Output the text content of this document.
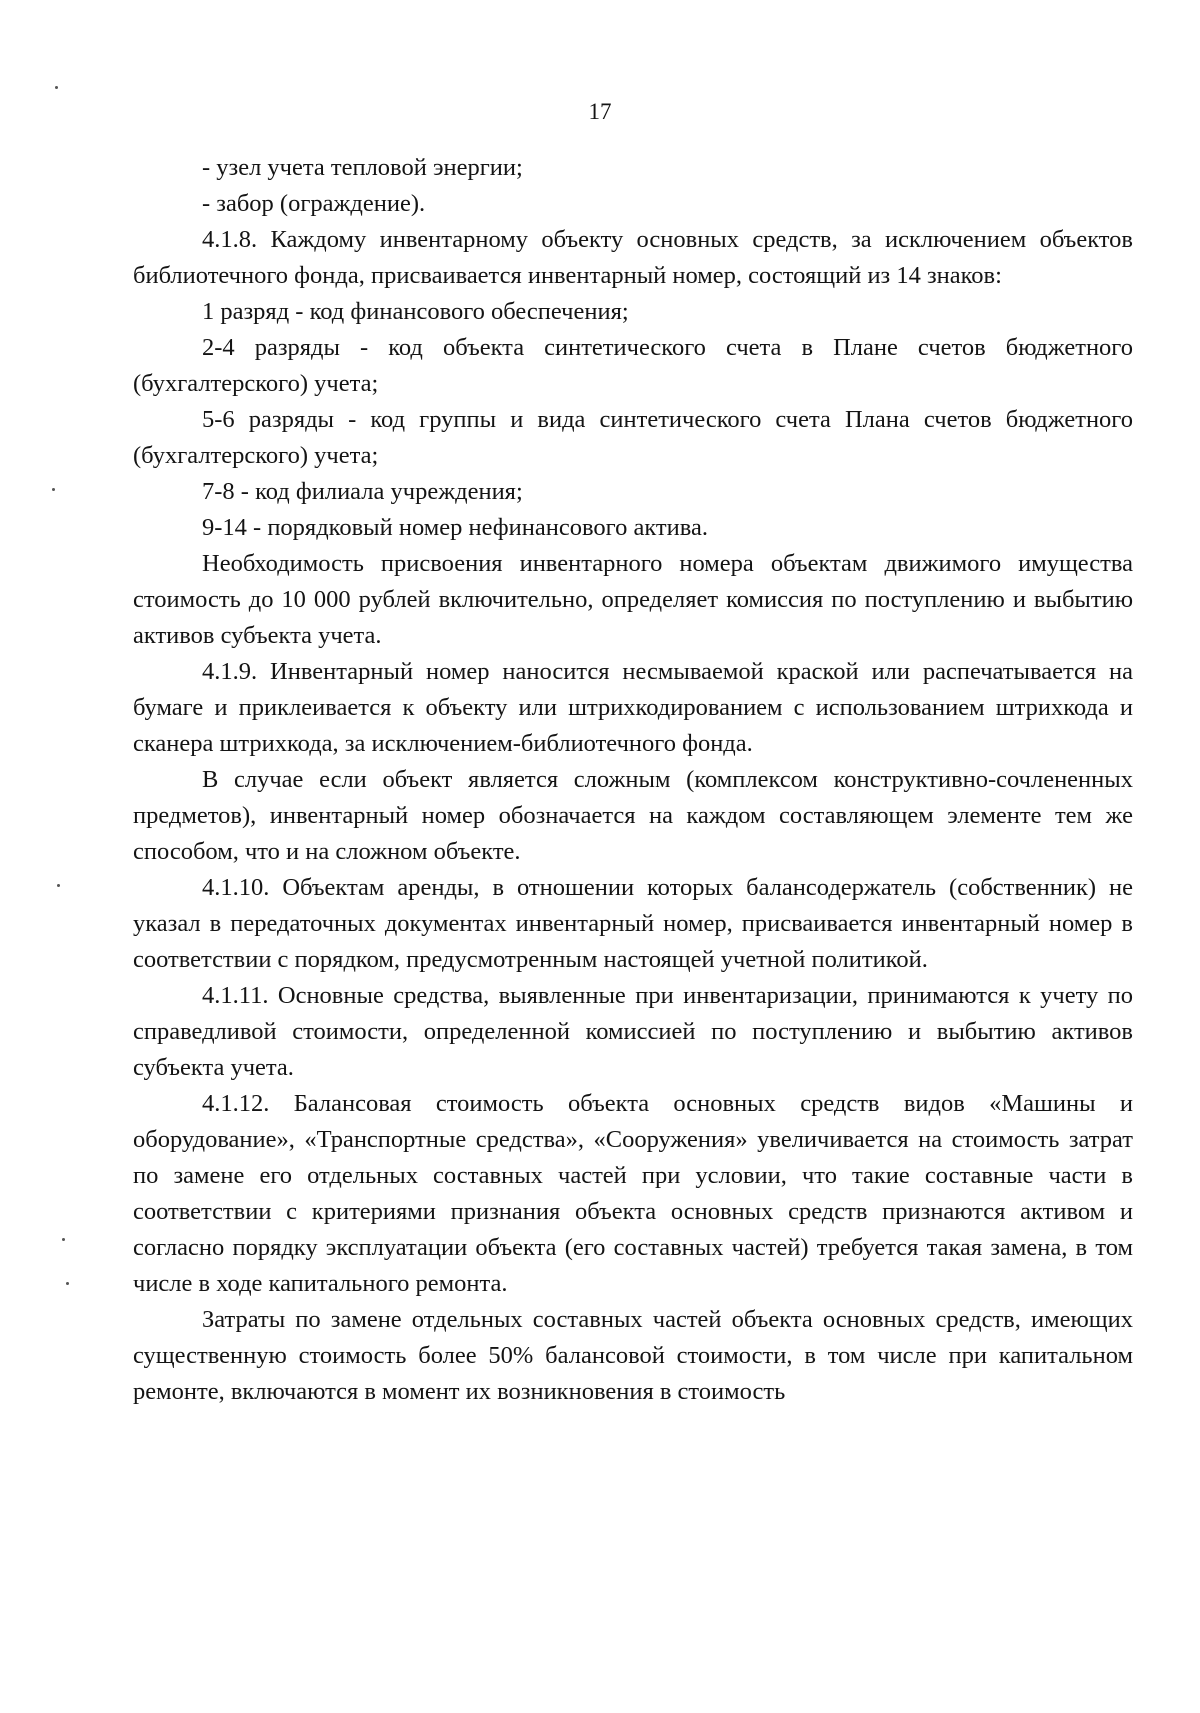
17

- узел учета тепловой энергии;

- забор (ограждение).

4.1.8. Каждому инвентарному объекту основных средств, за исключением объектов библиотечного фонда, присваивается инвентарный номер, состоящий из 14 знаков:

1 разряд - код финансового обеспечения;

2-4 разряды - код объекта синтетического счета в Плане счетов бюджетного (бухгалтерского) учета;

5-6 разряды - код группы и вида синтетического счета Плана счетов бюджетного (бухгалтерского) учета;

7-8 - код филиала учреждения;

9-14 - порядковый номер нефинансового актива.

Необходимость присвоения инвентарного номера объектам движимого имущества стоимость до 10 000 рублей включительно, определяет комиссия по поступлению и выбытию активов субъекта учета.

4.1.9. Инвентарный номер наносится несмываемой краской или распечатывается на бумаге и приклеивается к объекту или штрихкодированием с использованием штрихкода и сканера штрихкода, за исключением-библиотечного фонда.

В случае если объект является сложным (комплексом конструктивно-сочлененных предметов), инвентарный номер обозначается на каждом составляющем элементе тем же способом, что и на сложном объекте.

4.1.10. Объектам аренды, в отношении которых балансодержатель (собственник) не указал в передаточных документах инвентарный номер, присваивается инвентарный номер в соответствии с порядком, предусмотренным настоящей учетной политикой.

4.1.11. Основные средства, выявленные при инвентаризации, принимаются к учету по справедливой стоимости, определенной комиссией по поступлению и выбытию активов субъекта учета.

4.1.12. Балансовая стоимость объекта основных средств видов «Машины и оборудование», «Транспортные средства», «Сооружения» увеличивается на стоимость затрат по замене его отдельных составных частей при условии, что такие составные части в соответствии с критериями признания объекта основных средств признаются активом и согласно порядку эксплуатации объекта (его составных частей) требуется такая замена, в том числе в ходе капитального ремонта.

Затраты по замене отдельных составных частей объекта основных средств, имеющих существенную стоимость более 50% балансовой стоимости, в том числе при капитальном ремонте, включаются в момент их возникновения в стоимость
